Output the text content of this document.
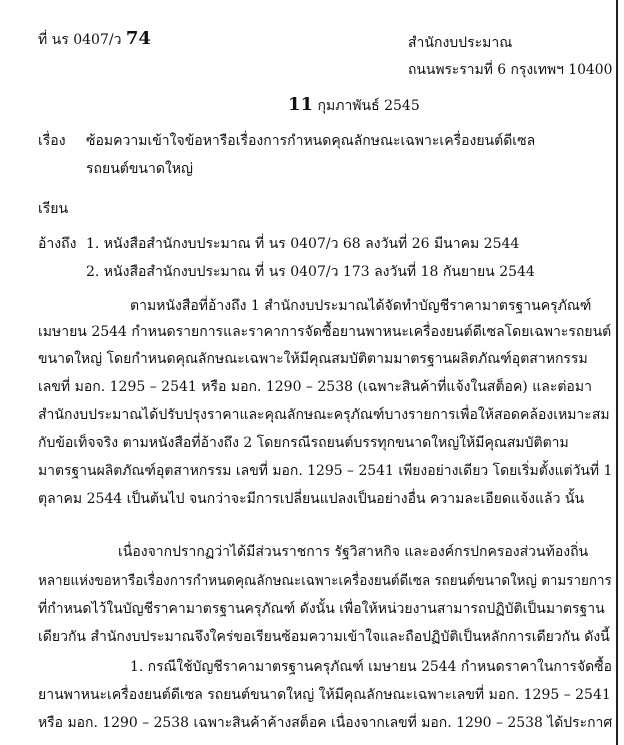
ที่ นร 0407/ว 74	สำนักงบประมาณ
ถนนพระรามที่ 6 กรุงเทพฯ 10400
11 กุมภาพันธ์ 2545
เรื่อง ซ้อมความเข้าใจข้อหารือเรื่องการกำหนดคุณลักษณะเฉพาะเครื่องยนต์ดีเซล
รถยนต์ขนาดใหญ่
เรียน
อ้างถึง 1. หนังสือสำนักงบประมาณ ที่ นร 0407/ว 68 ลงวันที่ 26 มีนาคม 2544
2. หนังสือสำนักงบประมาณ ที่ นร 0407/ว 173 ลงวันที่ 18 กันยายน 2544
ตามหนังสือที่อ้างถึง 1 สำนักงบประมาณได้จัดทำบัญชีราคามาตรฐานครุภัณฑ์
เมษายน 2544 กำหนดรายการและราคาการจัดซื้อยานพาหนะเครื่องยนต์ดีเซลโดยเฉพาะรถยนต์
ขนาดใหญ่ โดยกำหนดคุณลักษณะเฉพาะให้มีคุณสมบัติตามมาตรฐานผลิตภัณฑ์อุตสาหกรรม
เลขที่ มอก. 1295 – 2541 หรือ มอก. 1290 – 2538 (เฉพาะสินค้าที่แจ้งในสต็อค) และต่อมา
สำนักงบประมาณได้ปรับปรุงราคาและคุณลักษณะครุภัณฑ์บางรายการเพื่อให้สอดคล้องเหมาะสม
กับข้อเท็จจริง ตามหนังสือที่อ้างถึง 2 โดยกรณีรถยนต์บรรทุกขนาดใหญ่ให้มีคุณสมบัติตาม
มาตรฐานผลิตภัณฑ์อุตสาหกรรม เลขที่ มอก. 1295 – 2541 เพียงอย่างเดียว โดยเริ่มตั้งแต่วันที่ 1
ตุลาคม 2544 เป็นต้นไป จนกว่าจะมีการเปลี่ยนแปลงเป็นอย่างอื่น ความละเอียดแจ้งแล้ว นั้น
เนื่องจากปรากฏว่าได้มีส่วนราชการ รัฐวิสาหกิจ และองค์กรปกครองส่วนท้องถิ่น
หลายแห่งขอหารือเรื่องการกำหนดคุณลักษณะเฉพาะเครื่องยนต์ดีเซล รถยนต์ขนาดใหญ่ ตามรายการ
ที่กำหนดไว้ในบัญชีราคามาตรฐานครุภัณฑ์ ดังนั้น เพื่อให้หน่วยงานสามารถปฏิบัติเป็นมาตรฐาน
เดียวกัน สำนักงบประมาณจึงใคร่ขอเรียนซ้อมความเข้าใจและถือปฏิบัติเป็นหลักการเดียวกัน ดังนี้
1. กรณีใช้บัญชีราคามาตรฐานครุภัณฑ์ เมษายน 2544 กำหนดราคาในการจัดซื้อ
ยานพาหนะเครื่องยนต์ดีเซล รถยนต์ขนาดใหญ่ ให้มีคุณลักษณะเฉพาะเลขที่ มอก. 1295 – 2541
หรือ มอก. 1290 – 2538 เฉพาะสินค้าค้างสต็อค เนื่องจากเลขที่ มอก. 1290 – 2538 ได้ประกาศ
